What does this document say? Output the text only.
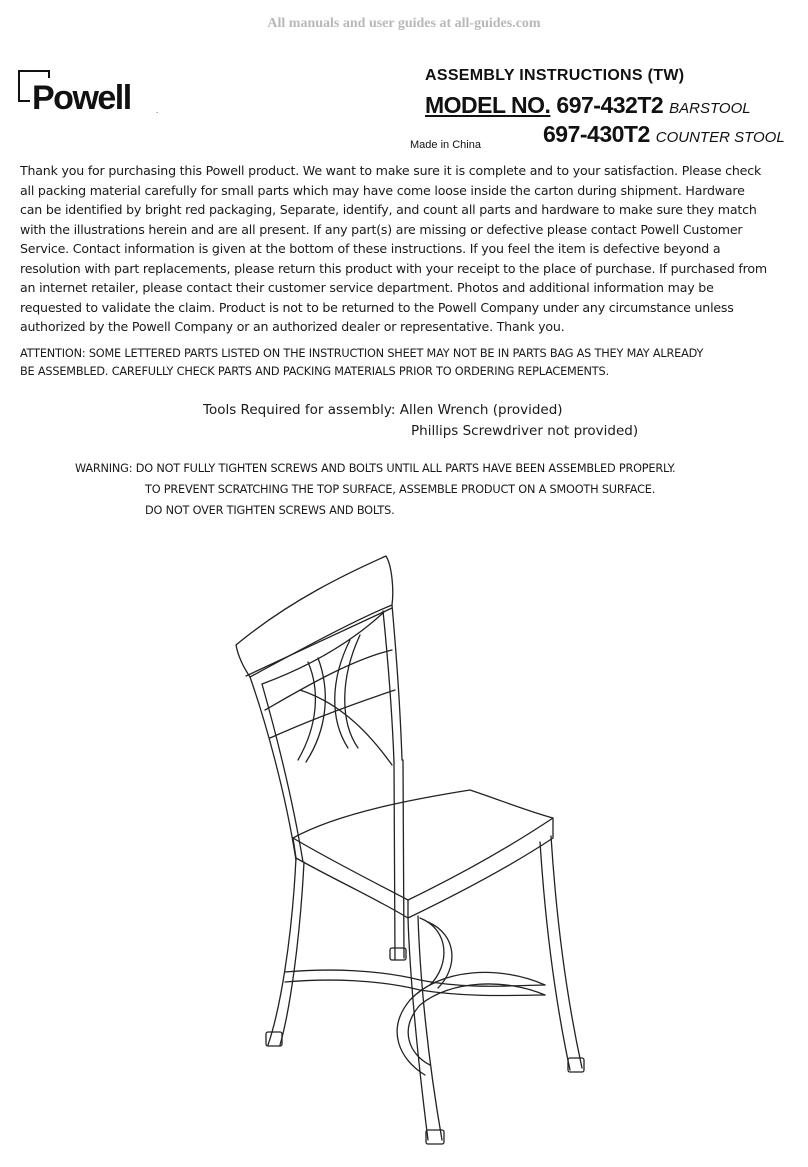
All manuals and user guides at all-guides.com
Powell	.
ASSEMBLY INSTRUCTIONS (TW)
MODEL NO. 697-432T2 BARSTOOL
697-430T2 COUNTER STOOL
Made in China
Thank you for purchasing this Powell product. We want to make sure it is complete and to your satisfaction. Please check
all packing material carefully for small parts which may have come loose inside the carton during shipment. Hardware
can be identified by bright red packaging, Separate, identify, and count all parts and hardware to make sure they match
with the illustrations herein and are all present. If any part(s) are missing or defective please contact Powell Customer
Service. Contact information is given at the bottom of these instructions. If you feel the item is defective beyond a
resolution with part replacements, please return this product with your receipt to the place of purchase. If purchased from
an internet retailer, please contact their customer service department. Photos and additional information may be
requested to validate the claim. Product is not to be returned to the Powell Company under any circumstance unless
authorized by the Powell Company or an authorized dealer or representative. Thank you.
ATTENTION: SOME LETTERED PARTS LISTED ON THE INSTRUCTION SHEET MAY NOT BE IN PARTS BAG AS THEY MAY ALREADY
BE ASSEMBLED. CAREFULLY CHECK PARTS AND PACKING MATERIALS PRIOR TO ORDERING REPLACEMENTS.
Tools Required for assembly: Allen Wrench (provided)
Phillips Screwdriver not provided)
WARNING: DO NOT FULLY TIGHTEN SCREWS AND BOLTS UNTIL ALL PARTS HAVE BEEN ASSEMBLED PROPERLY.
TO PREVENT SCRATCHING THE TOP SURFACE, ASSEMBLE PRODUCT ON A SMOOTH SURFACE.
DO NOT OVER TIGHTEN SCREWS AND BOLTS.
